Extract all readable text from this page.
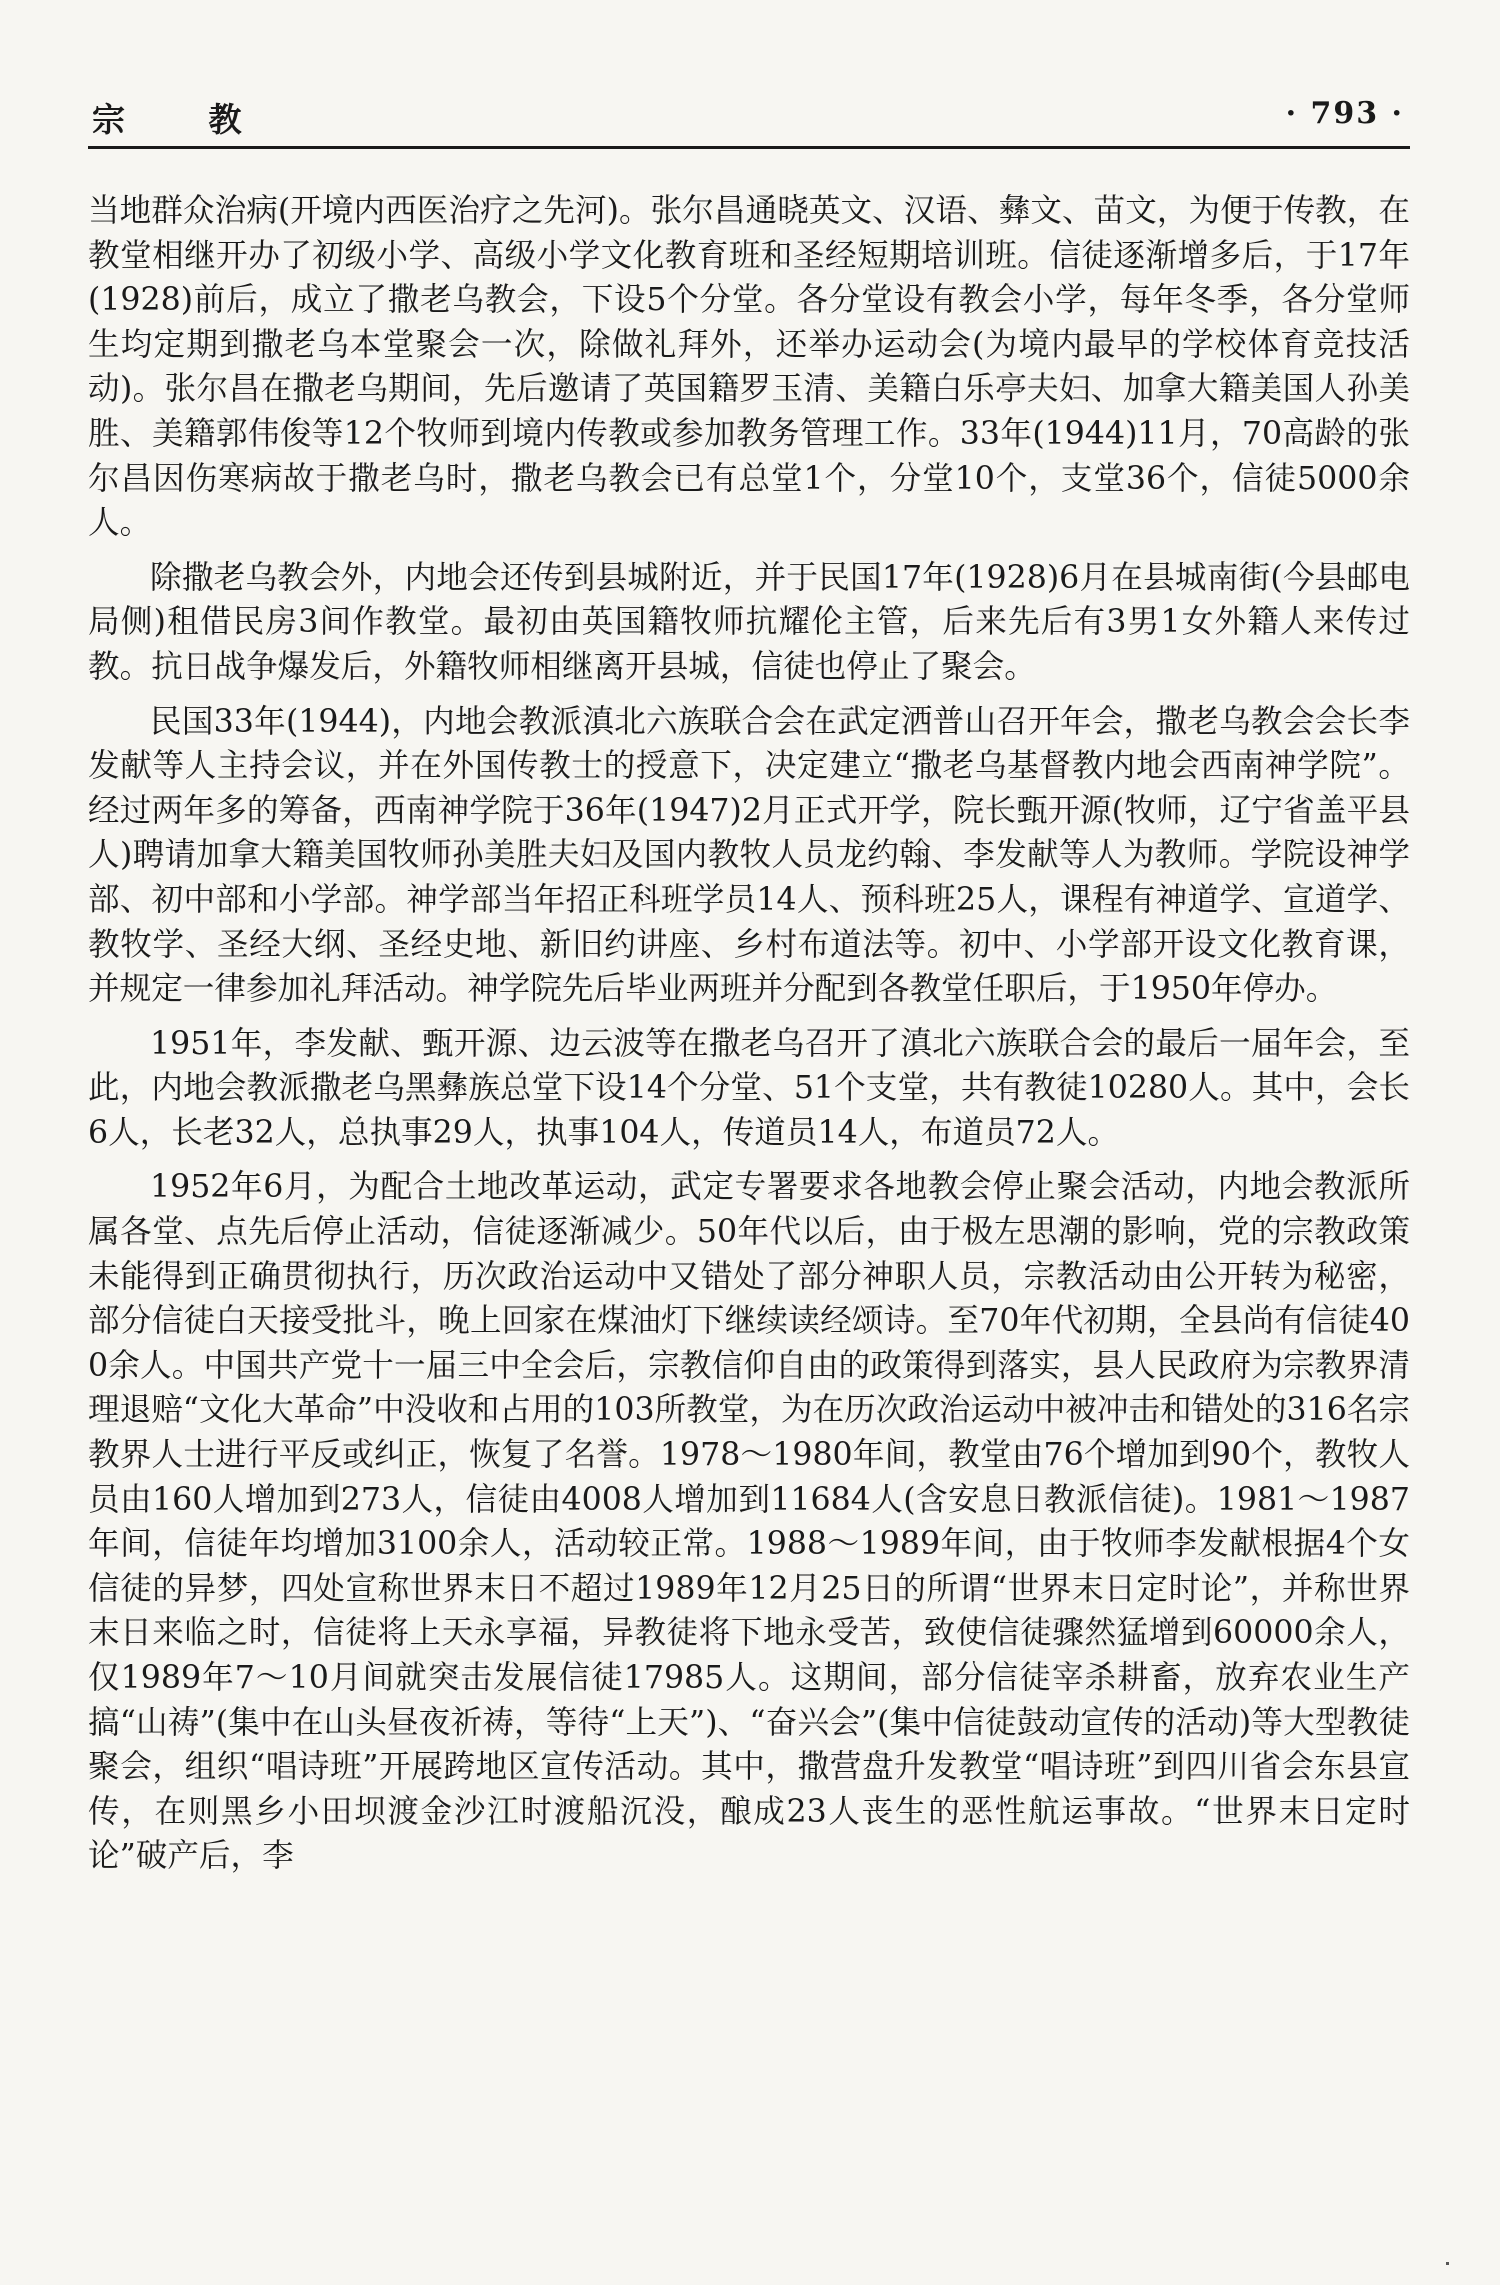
宗 教	· 793 ·

当地群众治病(开境内西医治疗之先河)。张尔昌通晓英文、汉语、彝文、苗文，为便于传教，在教堂相继开办了初级小学、高级小学文化教育班和圣经短期培训班。信徒逐渐增多后，于17年(1928)前后，成立了撒老乌教会，下设5个分堂。各分堂设有教会小学，每年冬季，各分堂师生均定期到撒老乌本堂聚会一次，除做礼拜外，还举办运动会(为境内最早的学校体育竞技活动)。张尔昌在撒老乌期间，先后邀请了英国籍罗玉清、美籍白乐亭夫妇、加拿大籍美国人孙美胜、美籍郭伟俊等12个牧师到境内传教或参加教务管理工作。33年(1944)11月，70高龄的张尔昌因伤寒病故于撒老乌时，撒老乌教会已有总堂1个，分堂10个，支堂36个，信徒5000余人。

除撒老乌教会外，内地会还传到县城附近，并于民国17年(1928)6月在县城南街(今县邮电局侧)租借民房3间作教堂。最初由英国籍牧师抗耀伦主管，后来先后有3男1女外籍人来传过教。抗日战争爆发后，外籍牧师相继离开县城，信徒也停止了聚会。

民国33年(1944)，内地会教派滇北六族联合会在武定洒普山召开年会，撒老乌教会会长李发献等人主持会议，并在外国传教士的授意下，决定建立“撒老乌基督教内地会西南神学院”。经过两年多的筹备，西南神学院于36年(1947)2月正式开学，院长甄开源(牧师，辽宁省盖平县人)聘请加拿大籍美国牧师孙美胜夫妇及国内教牧人员龙约翰、李发献等人为教师。学院设神学部、初中部和小学部。神学部当年招正科班学员14人、预科班25人，课程有神道学、宣道学、教牧学、圣经大纲、圣经史地、新旧约讲座、乡村布道法等。初中、小学部开设文化教育课，并规定一律参加礼拜活动。神学院先后毕业两班并分配到各教堂任职后，于1950年停办。

1951年，李发献、甄开源、边云波等在撒老乌召开了滇北六族联合会的最后一届年会，至此，内地会教派撒老乌黑彝族总堂下设14个分堂、51个支堂，共有教徒10280人。其中，会长6人，长老32人，总执事29人，执事104人，传道员14人，布道员72人。

1952年6月，为配合土地改革运动，武定专署要求各地教会停止聚会活动，内地会教派所属各堂、点先后停止活动，信徒逐渐减少。50年代以后，由于极左思潮的影响，党的宗教政策未能得到正确贯彻执行，历次政治运动中又错处了部分神职人员，宗教活动由公开转为秘密，部分信徒白天接受批斗，晚上回家在煤油灯下继续读经颂诗。至70年代初期，全县尚有信徒400余人。中国共产党十一届三中全会后，宗教信仰自由的政策得到落实，县人民政府为宗教界清理退赔“文化大革命”中没收和占用的103所教堂，为在历次政治运动中被冲击和错处的316名宗教界人士进行平反或纠正，恢复了名誉。1978～1980年间，教堂由76个增加到90个，教牧人员由160人增加到273人，信徒由4008人增加到11684人(含安息日教派信徒)。1981～1987年间，信徒年均增加3100余人，活动较正常。1988～1989年间，由于牧师李发献根据4个女信徒的异梦，四处宣称世界末日不超过1989年12月25日的所谓“世界末日定时论”，并称世界末日来临之时，信徒将上天永享福，异教徒将下地永受苦，致使信徒骤然猛增到60000余人，仅1989年7～10月间就突击发展信徒17985人。这期间，部分信徒宰杀耕畜，放弃农业生产搞“山祷”(集中在山头昼夜祈祷，等待“上天”)、“奋兴会”(集中信徒鼓动宣传的活动)等大型教徒聚会，组织“唱诗班”开展跨地区宣传活动。其中，撒营盘升发教堂“唱诗班”到四川省会东县宣传，在则黑乡小田坝渡金沙江时渡船沉没，酿成23人丧生的恶性航运事故。“世界末日定时论”破产后，李
